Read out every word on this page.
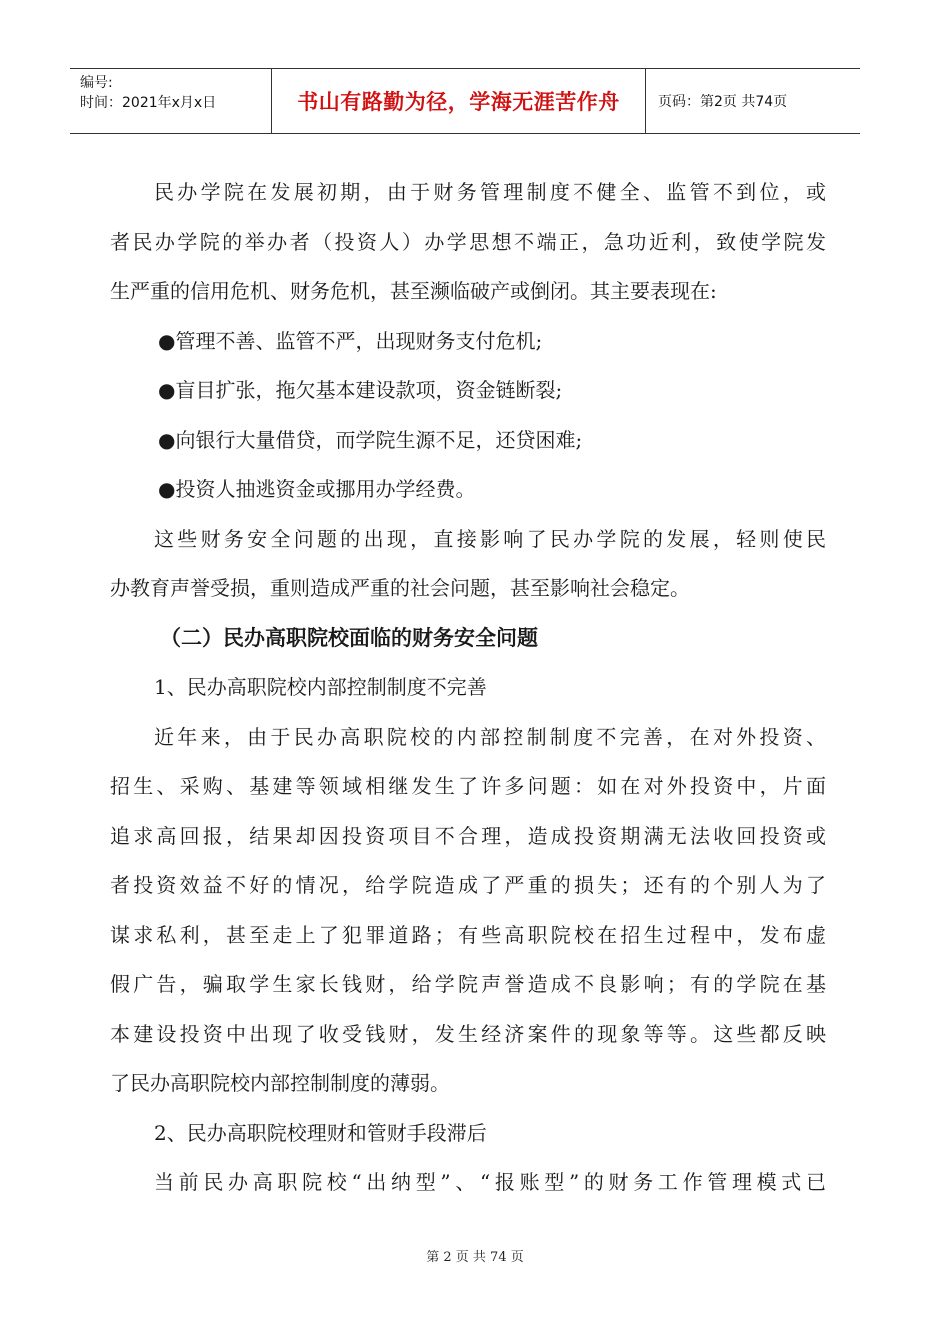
编号:
时间：2021年x月x日	书山有路勤为径，学海无涯苦作舟	页码：第2页 共74页
民办学院在发展初期，由于财务管理制度不健全、监管不到位，或
者民办学院的举办者（投资人）办学思想不端正，急功近利，致使学院发
生严重的信用危机、财务危机，甚至濒临破产或倒闭。其主要表现在:
●管理不善、监管不严，出现财务支付危机;
●盲目扩张，拖欠基本建设款项，资金链断裂;
●向银行大量借贷，而学院生源不足，还贷困难;
●投资人抽逃资金或挪用办学经费。
这些财务安全问题的出现，直接影响了民办学院的发展，轻则使民
办教育声誉受损，重则造成严重的社会问题，甚至影响社会稳定。
（二）民办高职院校面临的财务安全问题
1、民办高职院校内部控制制度不完善
近年来，由于民办高职院校的内部控制制度不完善，在对外投资、
招生、采购、基建等领域相继发生了许多问题：如在对外投资中，片面
追求高回报，结果却因投资项目不合理，造成投资期满无法收回投资或
者投资效益不好的情况，给学院造成了严重的损失；还有的个别人为了
谋求私利，甚至走上了犯罪道路；有些高职院校在招生过程中，发布虚
假广告，骗取学生家长钱财，给学院声誉造成不良影响；有的学院在基
本建设投资中出现了收受钱财，发生经济案件的现象等等。这些都反映
了民办高职院校内部控制制度的薄弱。
2、民办高职院校理财和管财手段滞后
当前民办高职院校“出纳型”、“报账型”的财务工作管理模式已
第 2 页 共 74 页
